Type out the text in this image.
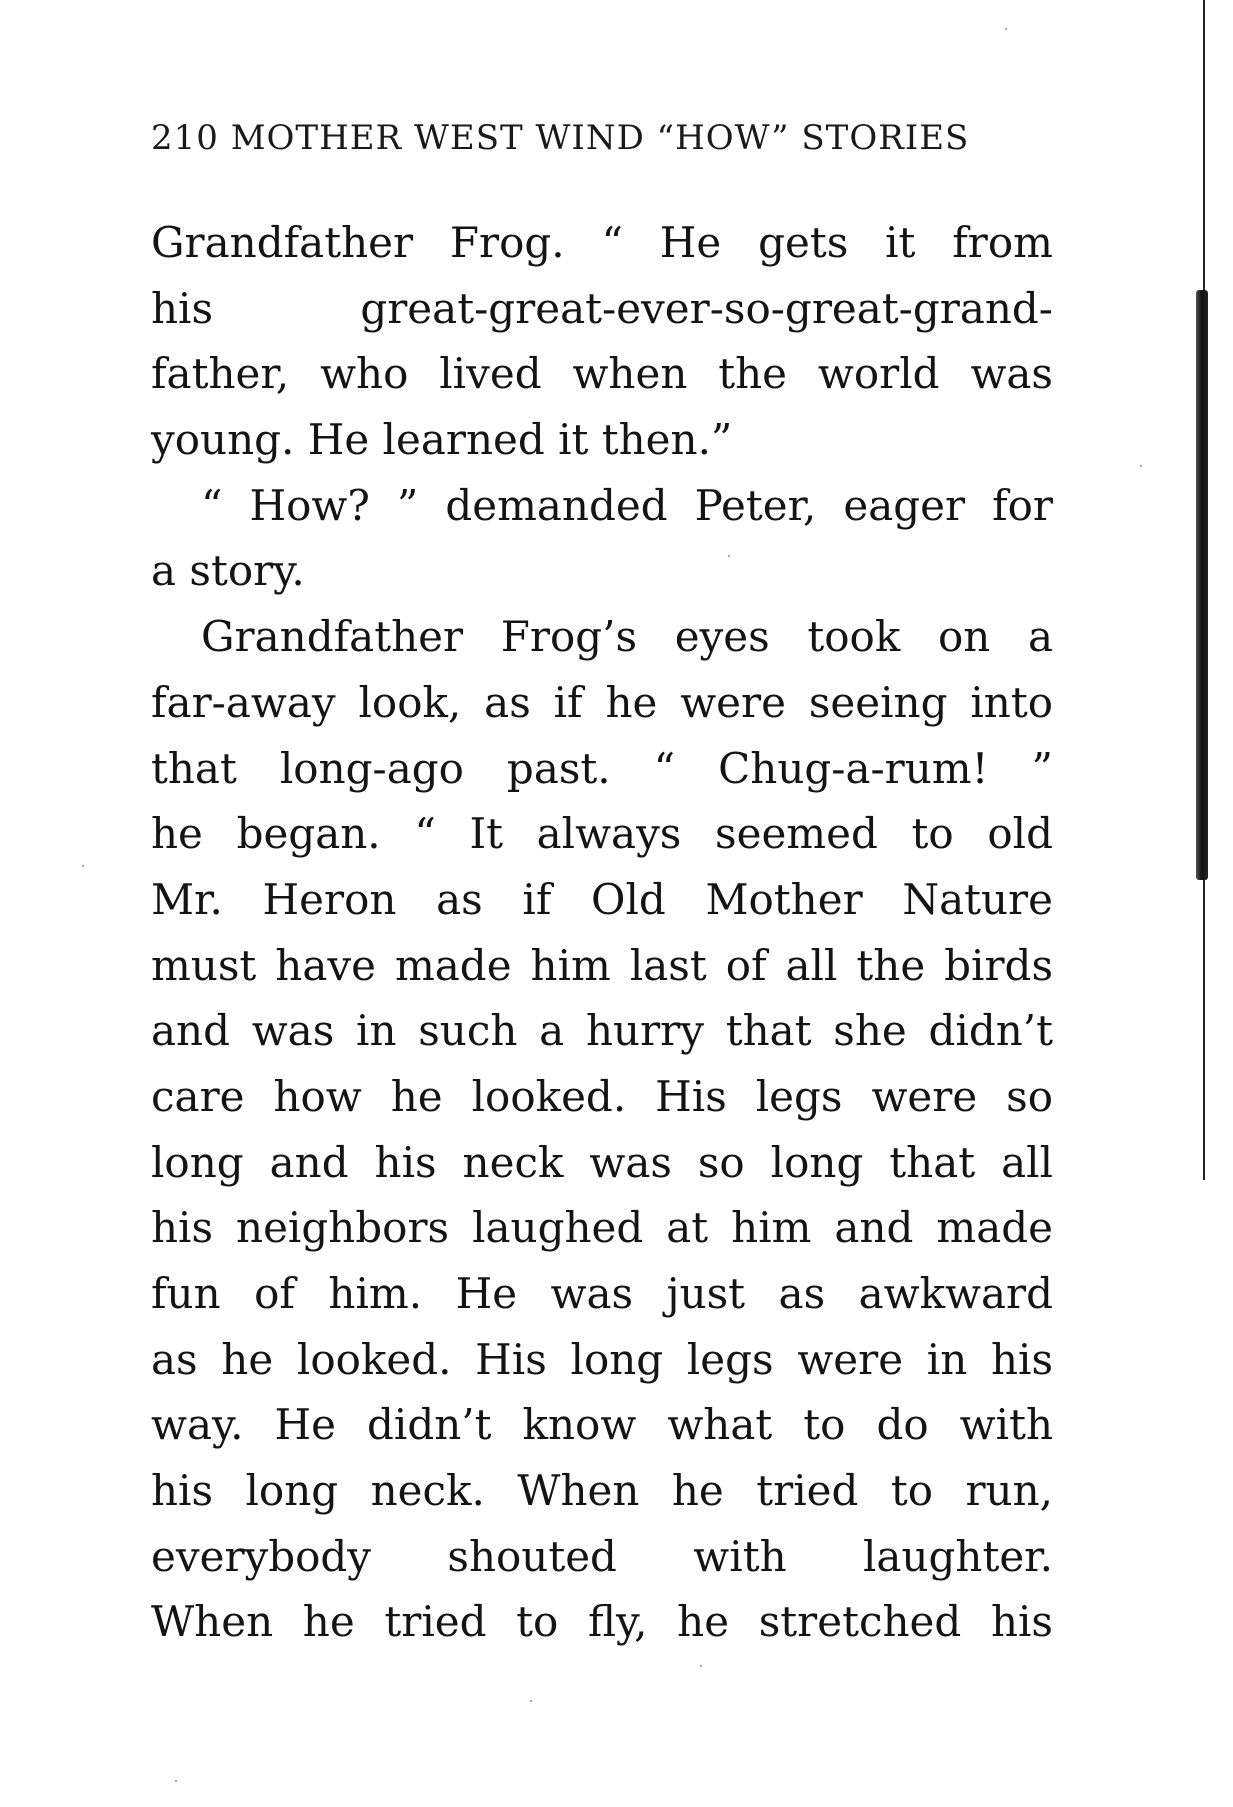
210 MOTHER WEST WIND “HOW” STORIES
Grandfather Frog. “ He gets it from
his great-great-ever-so-great-grand-
father, who lived when the world was
young. He learned it then.”
“ How? ” demanded Peter, eager for
a story.
Grandfather Frog’s eyes took on a
far-away look, as if he were seeing into
that long-ago past. “ Chug-a-rum! ”
he began. “ It always seemed to old
Mr. Heron as if Old Mother Nature
must have made him last of all the birds
and was in such a hurry that she didn’t
care how he looked. His legs were so
long and his neck was so long that all
his neighbors laughed at him and made
fun of him. He was just as awkward
as he looked. His long legs were in his
way. He didn’t know what to do with
his long neck. When he tried to run,
everybody shouted with laughter.
When he tried to fly, he stretched his
